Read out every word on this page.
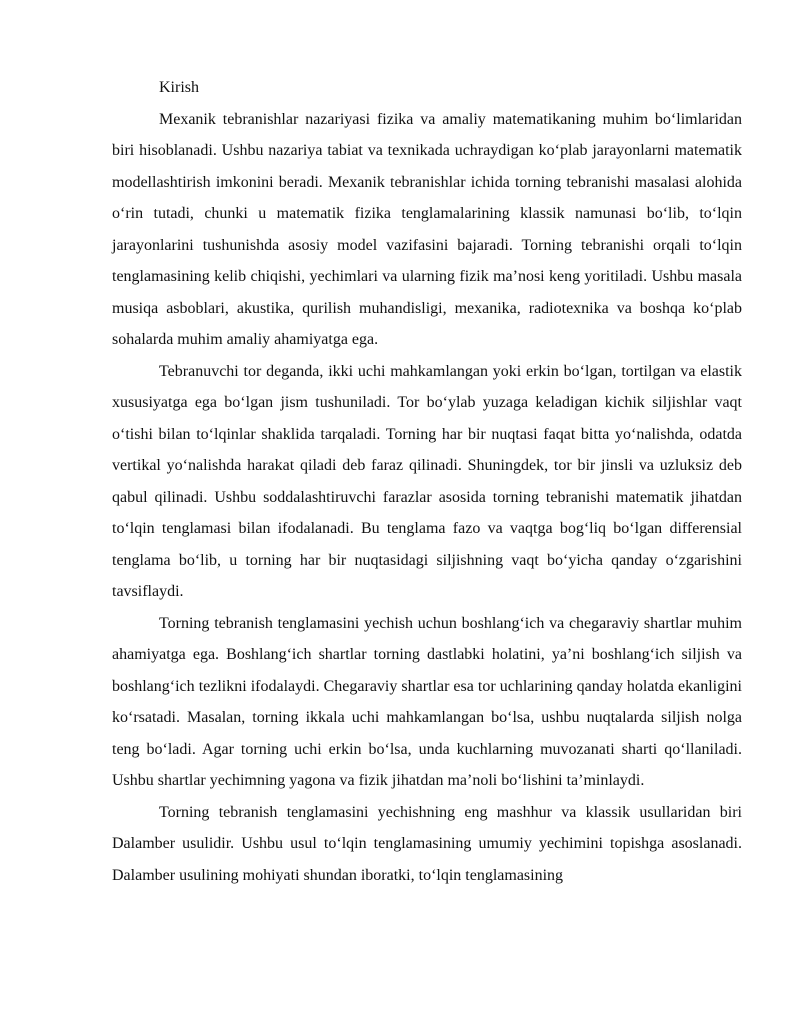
Kirish

Mexanik tebranishlar nazariyasi fizika va amaliy matematikaning muhim bo‘limlaridan biri hisoblanadi. Ushbu nazariya tabiat va texnikada uchraydigan ko‘plab jarayonlarni matematik modellashtirish imkonini beradi. Mexanik tebranishlar ichida torning tebranishi masalasi alohida o‘rin tutadi, chunki u matematik fizika tenglamalarining klassik namunasi bo‘lib, to‘lqin jarayonlarini tushunishda asosiy model vazifasini bajaradi. Torning tebranishi orqali to‘lqin tenglamasining kelib chiqishi, yechimlari va ularning fizik ma’nosi keng yoritiladi. Ushbu masala musiqa asboblari, akustika, qurilish muhandisligi, mexanika, radiotexnika va boshqa ko‘plab sohalarda muhim amaliy ahamiyatga ega.

Tebranuvchi tor deganda, ikki uchi mahkamlangan yoki erkin bo‘lgan, tortilgan va elastik xususiyatga ega bo‘lgan jism tushuniladi. Tor bo‘ylab yuzaga keladigan kichik siljishlar vaqt o‘tishi bilan to‘lqinlar shaklida tarqaladi. Torning har bir nuqtasi faqat bitta yo‘nalishda, odatda vertikal yo‘nalishda harakat qiladi deb faraz qilinadi. Shuningdek, tor bir jinsli va uzluksiz deb qabul qilinadi. Ushbu soddalashtiruvchi farazlar asosida torning tebranishi matematik jihatdan to‘lqin tenglamasi bilan ifodalanadi. Bu tenglama fazo va vaqtga bog‘liq bo‘lgan differensial tenglama bo‘lib, u torning har bir nuqtasidagi siljishning vaqt bo‘yicha qanday o‘zgarishini tavsiflaydi.

Torning tebranish tenglamasini yechish uchun boshlang‘ich va chegaraviy shartlar muhim ahamiyatga ega. Boshlang‘ich shartlar torning dastlabki holatini, ya’ni boshlang‘ich siljish va boshlang‘ich tezlikni ifodalaydi. Chegaraviy shartlar esa tor uchlarining qanday holatda ekanligini ko‘rsatadi. Masalan, torning ikkala uchi mahkamlangan bo‘lsa, ushbu nuqtalarda siljish nolga teng bo‘ladi. Agar torning uchi erkin bo‘lsa, unda kuchlarning muvozanati sharti qo‘llaniladi. Ushbu shartlar yechimning yagona va fizik jihatdan ma’noli bo‘lishini ta’minlaydi.

Torning tebranish tenglamasini yechishning eng mashhur va klassik usullaridan biri Dalamber usulidir. Ushbu usul to‘lqin tenglamasining umumiy yechimini topishga asoslanadi. Dalamber usulining mohiyati shundan iboratki, to‘lqin tenglamasining
